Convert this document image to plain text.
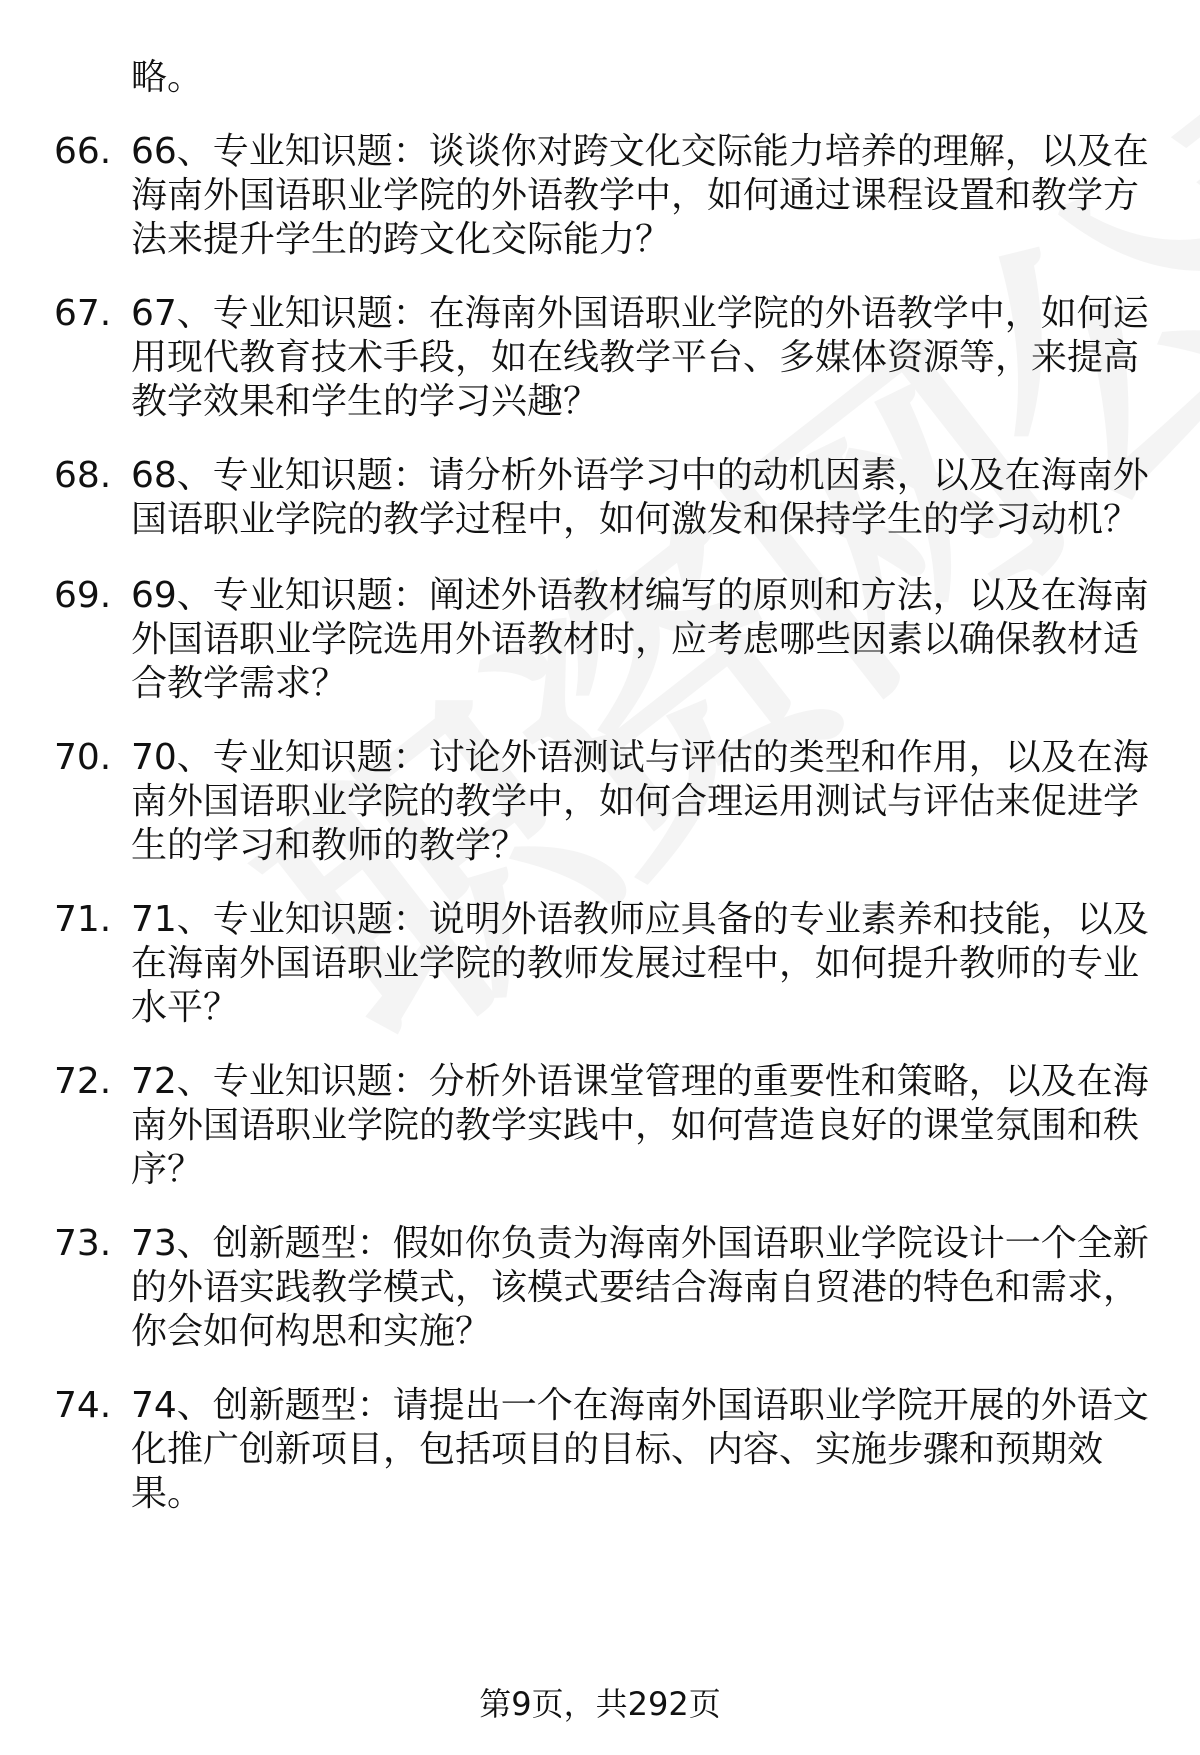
略。
66. 66、专业知识题：谈谈你对跨文化交际能力培养的理解，以及在
海南外国语职业学院的外语教学中，如何通过课程设置和教学方
法来提升学生的跨文化交际能力？
67. 67、专业知识题：在海南外国语职业学院的外语教学中，如何运
用现代教育技术手段，如在线教学平台、多媒体资源等，来提高
教学效果和学生的学习兴趣？
68. 68、专业知识题：请分析外语学习中的动机因素，以及在海南外
国语职业学院的教学过程中，如何激发和保持学生的学习动机？
69. 69、专业知识题：阐述外语教材编写的原则和方法，以及在海南
外国语职业学院选用外语教材时，应考虑哪些因素以确保教材适
合教学需求？
70. 70、专业知识题：讨论外语测试与评估的类型和作用，以及在海
南外国语职业学院的教学中，如何合理运用测试与评估来促进学
生的学习和教师的教学？
71. 71、专业知识题：说明外语教师应具备的专业素养和技能，以及
在海南外国语职业学院的教师发展过程中，如何提升教师的专业
水平？
72. 72、专业知识题：分析外语课堂管理的重要性和策略，以及在海
南外国语职业学院的教学实践中，如何营造良好的课堂氛围和秩
序？
73. 73、创新题型：假如你负责为海南外国语职业学院设计一个全新
的外语实践教学模式，该模式要结合海南自贸港的特色和需求，
你会如何构思和实施？
74. 74、创新题型：请提出一个在海南外国语职业学院开展的外语文
化推广创新项目，包括项目的目标、内容、实施步骤和预期效
果。
第9页，共292页
